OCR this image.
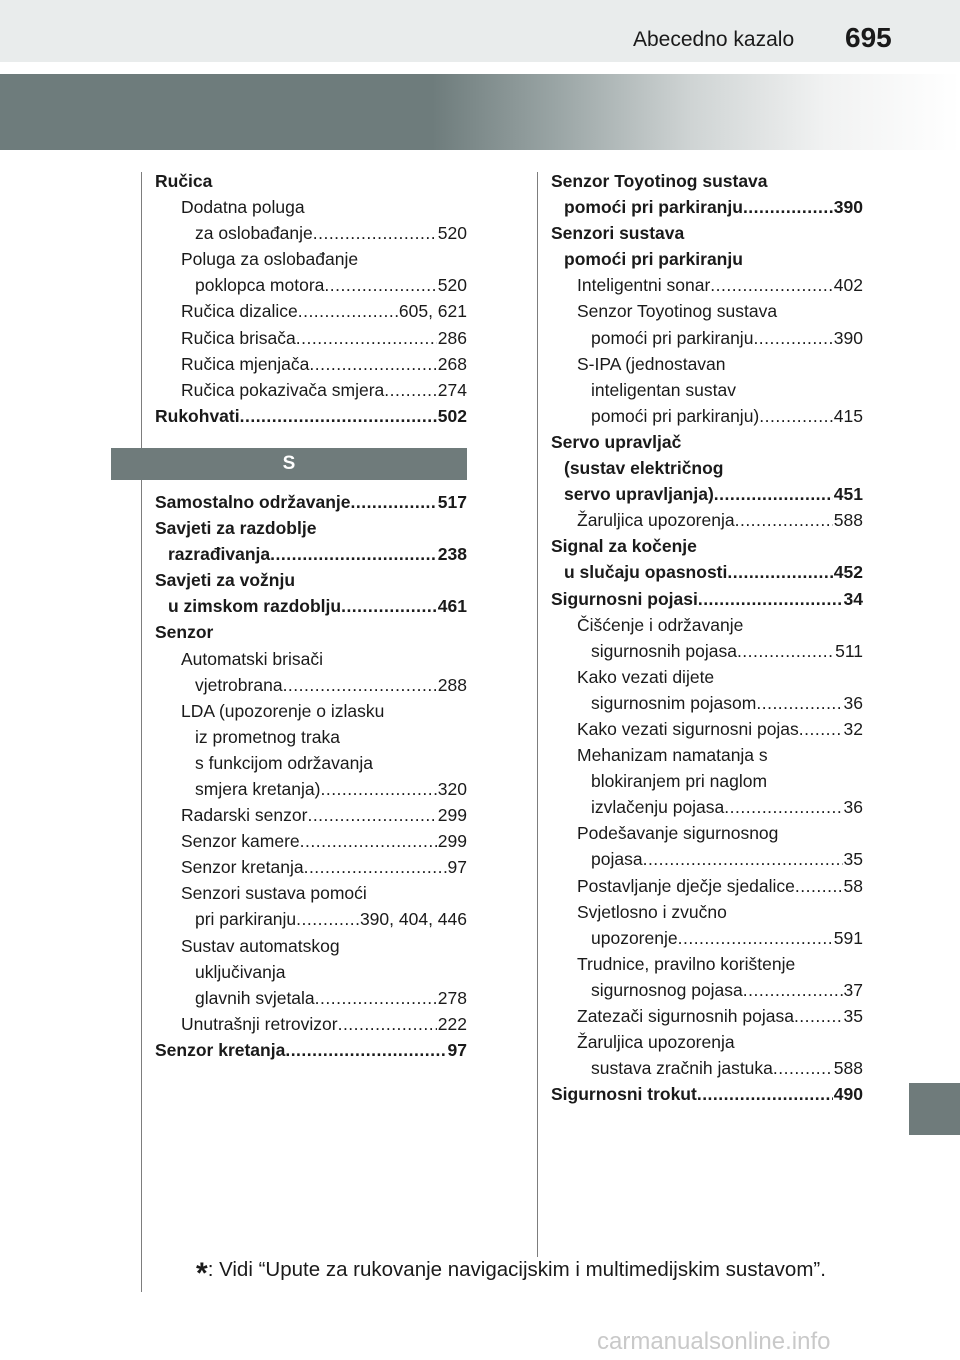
Abecedno kazalo 695
Ručica
Dodatna poluga
za oslobađanje .....	520
Poluga za oslobađanje
poklopca motora .....	520
Ručica dizalice .....	605, 621
Ručica brisača .....	286
Ručica mjenjača .....	268
Ručica pokazivača smjera .....	274
Rukohvati .....	502
S
Samostalno održavanje .....	517
Savjeti za razdoblje
razrađivanja .....	238
Savjeti za vožnju
u zimskom razdoblju .....	461
Senzor
Automatski brisači
vjetrobrana .....	288
LDA (upozorenje o izlasku
iz prometnog traka
s funkcijom održavanja
smjera kretanja) .....	320
Radarski senzor .....	299
Senzor kamere .....	299
Senzor kretanja .....	97
Senzori sustava pomoći
pri parkiranju .....	390, 404, 446
Sustav automatskog
uključivanja
glavnih svjetala .....	278
Unutrašnji retrovizor .....	222
Senzor kretanja .....	97
Senzor Toyotinog sustava
pomoći pri parkiranju .....	390
Senzori sustava
pomoći pri parkiranju
Inteligentni sonar .....	402
Senzor Toyotinog sustava
pomoći pri parkiranju .....	390
S-IPA (jednostavan
inteligentan sustav
pomoći pri parkiranju) .....	415
Servo upravljač
(sustav električnog
servo upravljanja) .....	451
Žaruljica upozorenja .....	588
Signal za kočenje
u slučaju opasnosti .....	452
Sigurnosni pojasi .....	34
Čišćenje i održavanje
sigurnosnih pojasa .....	511
Kako vezati dijete
sigurnosnim pojasom .....	36
Kako vezati sigurnosni pojas .....	32
Mehanizam namatanja s
blokiranjem pri naglom
izvlačenju pojasa .....	36
Podešavanje sigurnosnog
pojasa .....	35
Postavljanje dječje sjedalice .....	58
Svjetlosno i zvučno
upozorenje .....	591
Trudnice, pravilno korištenje
sigurnosnog pojasa .....	37
Zatezači sigurnosnih pojasa .....	35
Žaruljica upozorenja
sustava zračnih jastuka .....	588
Sigurnosni trokut .....	490
*: Vidi “Upute za rukovanje navigacijskim i multimedijskim sustavom”.
carmanualsonline.info
